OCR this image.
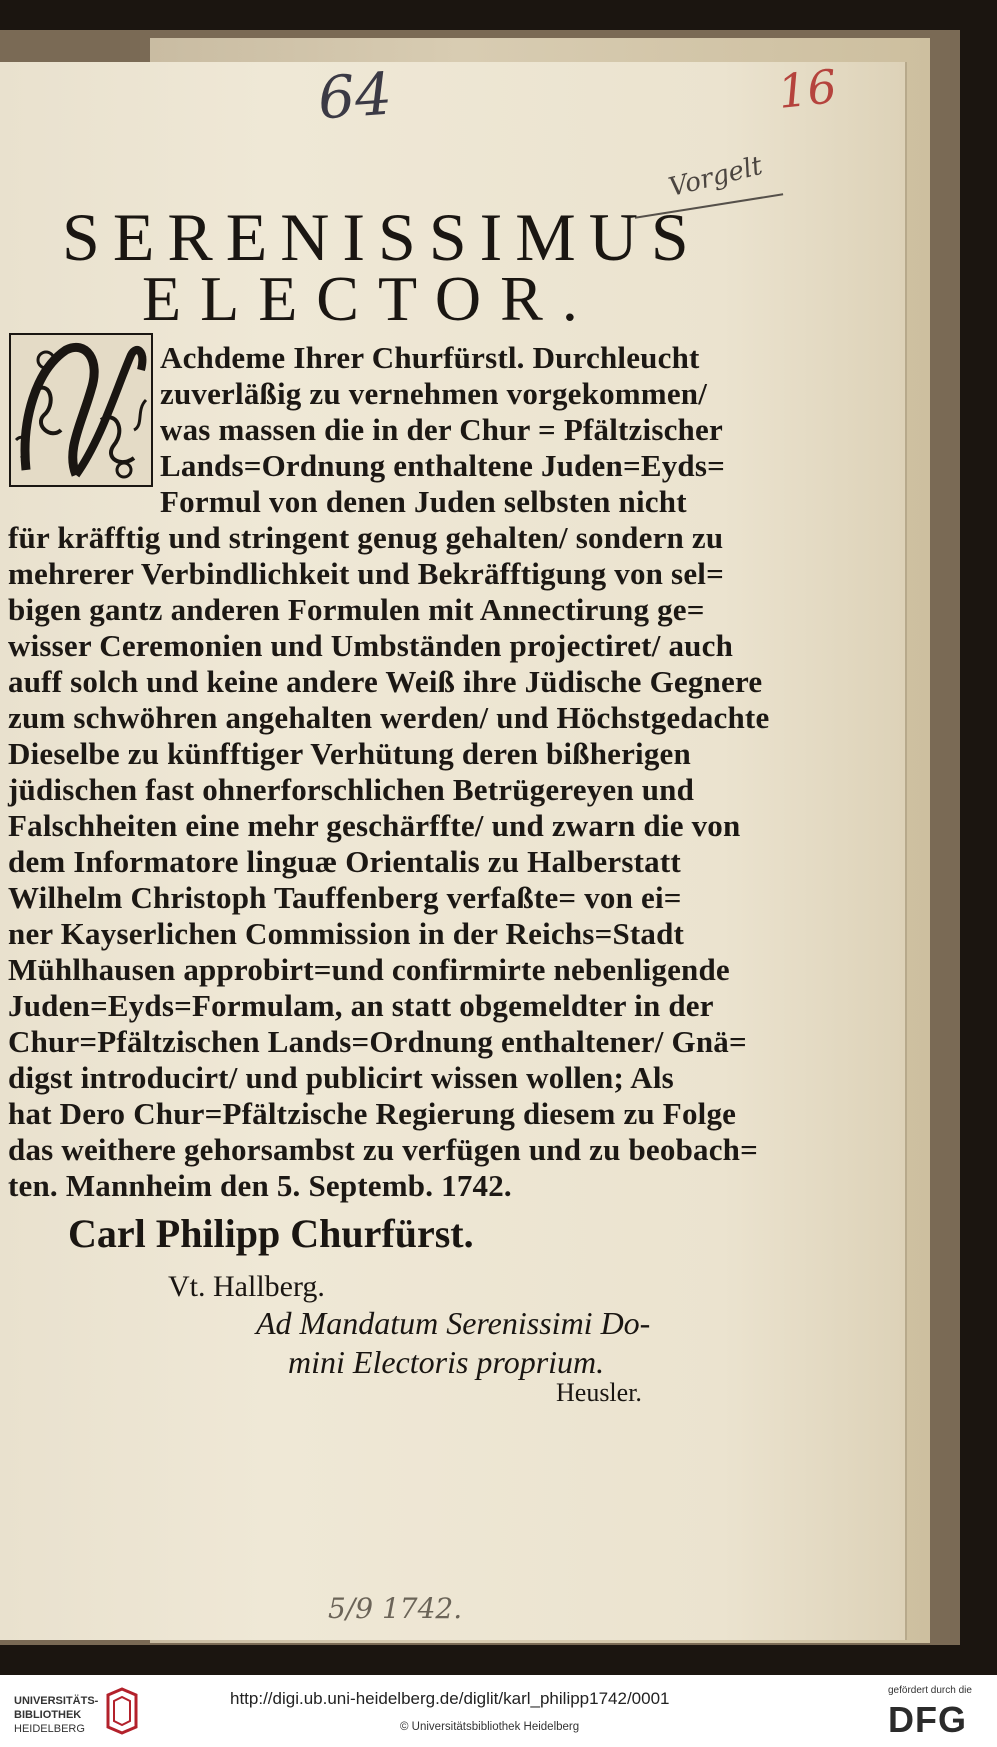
64	16
Vorgelt
SERENISSIMUS
ELECTOR.
Achdeme Ihrer Churfürstl. Durchleucht
zuverläßig zu vernehmen vorgekommen/
was massen die in der Chur = Pfältzischer
Lands=Ordnung enthaltene Juden=Eyds=
Formul von denen Juden selbsten nicht
für kräfftig und stringent genug gehalten/ sondern zu
mehrerer Verbindlichkeit und Bekräfftigung von sel=
bigen gantz anderen Formulen mit Annectirung ge=
wisser Ceremonien und Umbständen projectiret/ auch
auff solch und keine andere Weiß ihre Jüdische Gegnere
zum schwöhren angehalten werden/ und Höchstgedachte
Dieselbe zu künfftiger Verhütung deren bißherigen
jüdischen fast ohnerforschlichen Betrügereyen und
Falschheiten eine mehr geschärffte/ und zwarn die von
dem Informatore linguæ Orientalis zu Halberstatt
Wilhelm Christoph Tauffenberg verfaßte= von ei=
ner Kayserlichen Commission in der Reichs=Stadt
Mühlhausen approbirt=und confirmirte nebenligende
Juden=Eyds=Formulam, an statt obgemeldter in der
Chur=Pfältzischen Lands=Ordnung enthaltener/ Gnä=
digst introducirt/ und publicirt wissen wollen; Als
hat Dero Chur=Pfältzische Regierung diesem zu Folge
das weithere gehorsambst zu verfügen und zu beobach=
ten. Mannheim den 5. Septemb. 1742.
Carl Philipp Churfürst.
Vt. Hallberg.
Ad Mandatum Serenissimi Do-
mini Electoris proprium.
Heusler.
5/9 1742.
UNIVERSITÄTS-
BIBLIOTHEK
HEIDELBERG
http://digi.ub.uni-heidelberg.de/diglit/karl_philipp1742/0001
© Universitätsbibliothek Heidelberg
gefördert durch die
DFG
